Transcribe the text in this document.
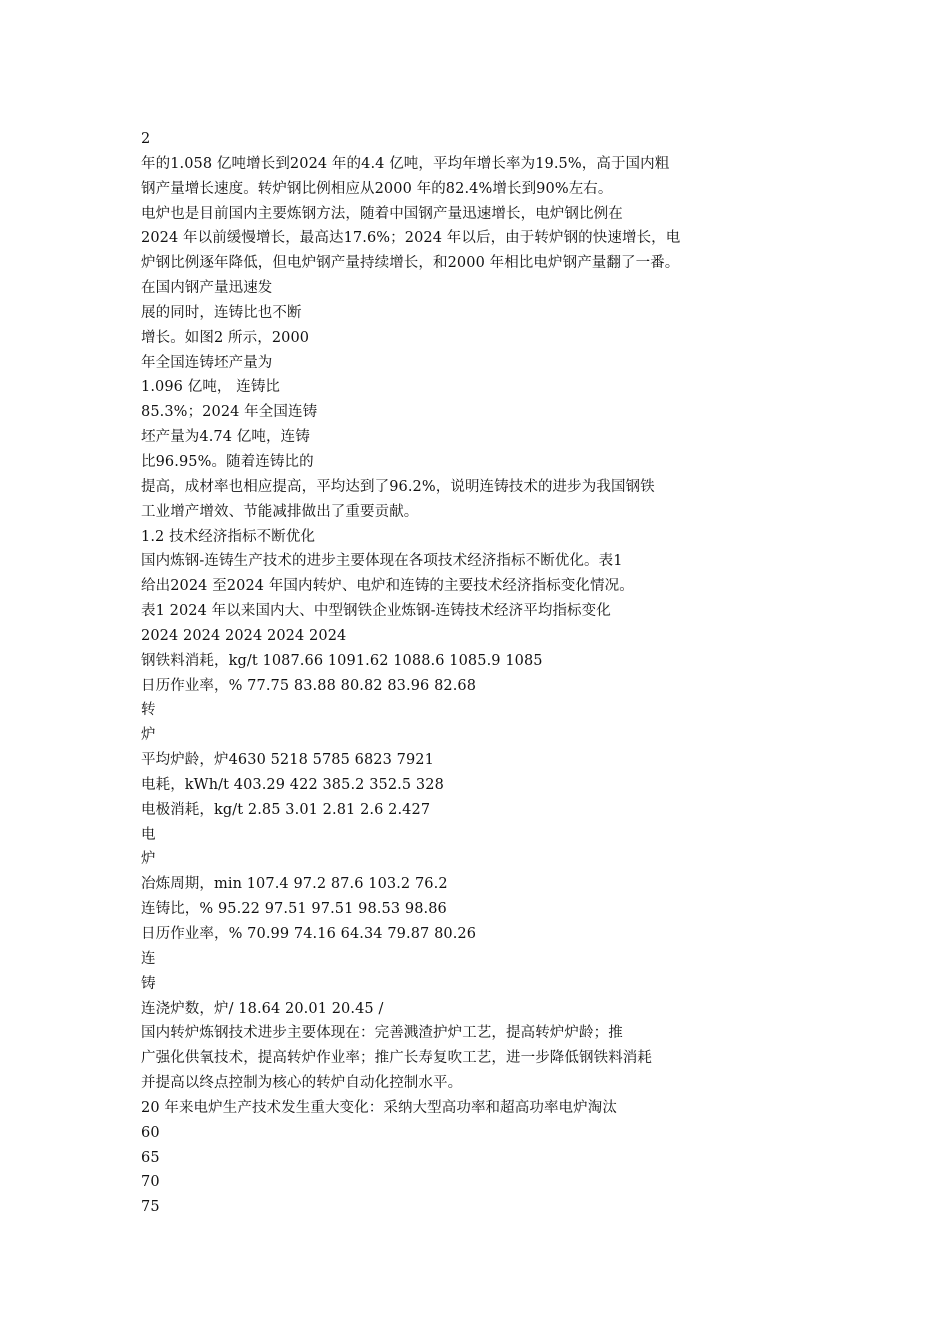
2
年的1.058 亿吨增长到2024 年的4.4 亿吨，平均年增长率为19.5%，高于国内粗
钢产量增长速度。转炉钢比例相应从2000 年的82.4%增长到90%左右。
电炉也是目前国内主要炼钢方法，随着中国钢产量迅速增长，电炉钢比例在
2024 年以前缓慢增长，最高达17.6%；2024 年以后，由于转炉钢的快速增长，电
炉钢比例逐年降低，但电炉钢产量持续增长，和2000 年相比电炉钢产量翻了一番。
在国内钢产量迅速发
展的同时，连铸比也不断
增长。如图2 所示，2000
年全国连铸坯产量为
1.096 亿吨， 连铸比
85.3%；2024 年全国连铸
坯产量为4.74 亿吨，连铸
比96.95%。随着连铸比的
提高，成材率也相应提高，平均达到了96.2%，说明连铸技术的进步为我国钢铁
工业增产增效、节能减排做出了重要贡献。
1.2 技术经济指标不断优化
国内炼钢-连铸生产技术的进步主要体现在各项技术经济指标不断优化。表1
给出2024 至2024 年国内转炉、电炉和连铸的主要技术经济指标变化情况。
表1 2024 年以来国内大、中型钢铁企业炼钢-连铸技术经济平均指标变化
2024 2024 2024 2024 2024
钢铁料消耗，kg/t 1087.66 1091.62 1088.6 1085.9 1085
日历作业率，% 77.75 83.88 80.82 83.96 82.68
转
炉
平均炉龄，炉4630 5218 5785 6823 7921
电耗，kWh/t 403.29 422 385.2 352.5 328
电极消耗，kg/t 2.85 3.01 2.81 2.6 2.427
电
炉
冶炼周期，min 107.4 97.2 87.6 103.2 76.2
连铸比，% 95.22 97.51 97.51 98.53 98.86
日历作业率，% 70.99 74.16 64.34 79.87 80.26
连
铸
连浇炉数，炉/ 18.64 20.01 20.45 /
国内转炉炼钢技术进步主要体现在：完善溅渣护炉工艺，提高转炉炉龄；推
广强化供氧技术，提高转炉作业率；推广长寿复吹工艺，进一步降低钢铁料消耗
并提高以终点控制为核心的转炉自动化控制水平。
20 年来电炉生产技术发生重大变化：采纳大型高功率和超高功率电炉淘汰
60
65
70
75
